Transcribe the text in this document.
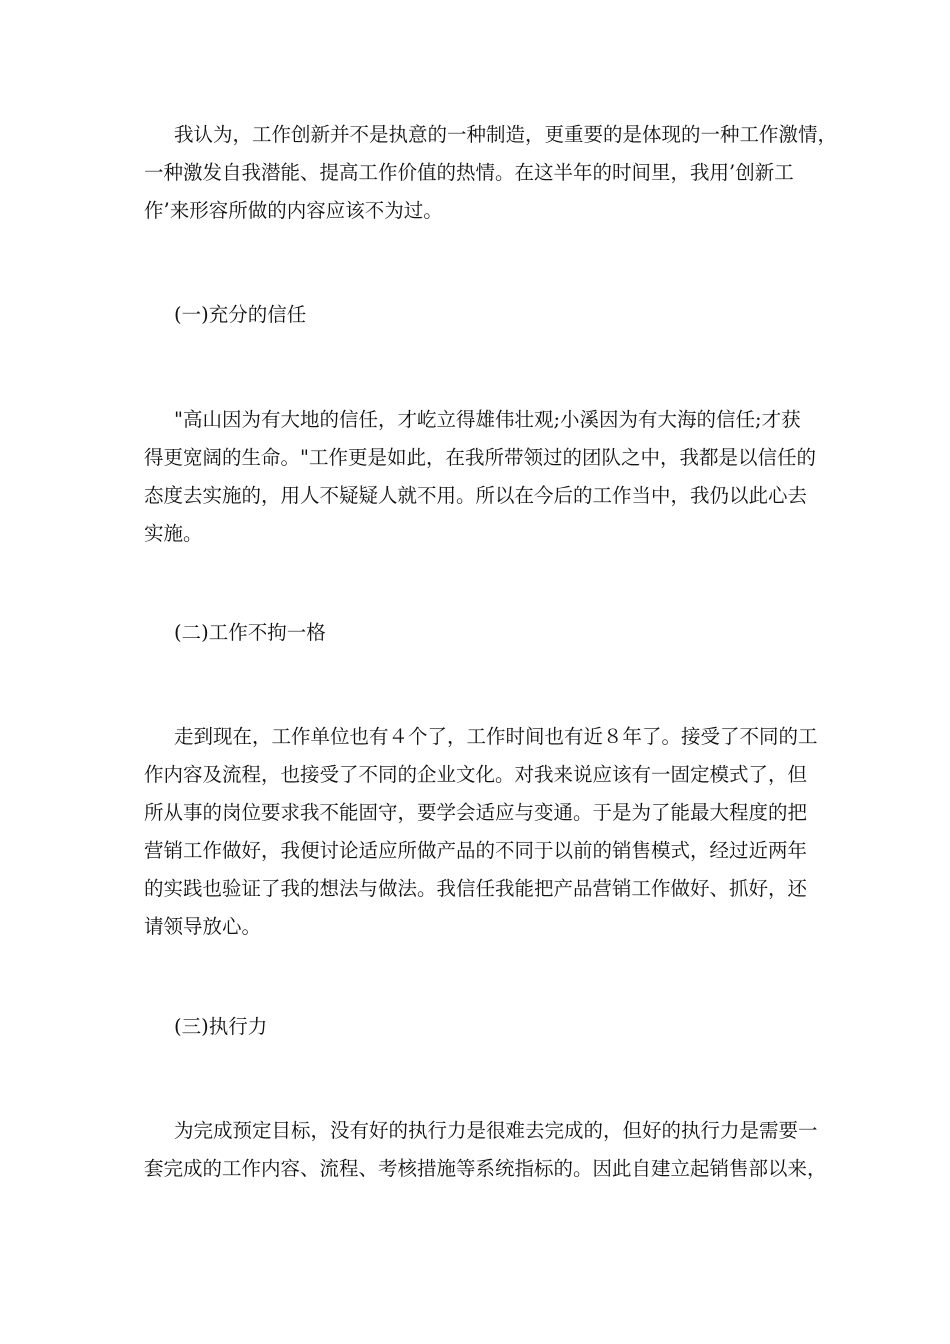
我认为，工作创新并不是执意的一种制造，更重要的是体现的一种工作激情，
一种激发自我潜能、提高工作价值的热情。在这半年的时间里，我用’创新工
作’来形容所做的内容应该不为过。
(一)充分的信任
"高山因为有大地的信任，才屹立得雄伟壮观;小溪因为有大海的信任;才获
得更宽阔的生命。"工作更是如此，在我所带领过的团队之中，我都是以信任的
态度去实施的，用人不疑疑人就不用。所以在今后的工作当中，我仍以此心去
实施。
(二)工作不拘一格
走到现在，工作单位也有４个了，工作时间也有近８年了。接受了不同的工
作内容及流程，也接受了不同的企业文化。对我来说应该有一固定模式了，但
所从事的岗位要求我不能固守，要学会适应与变通。于是为了能最大程度的把
营销工作做好，我便讨论适应所做产品的不同于以前的销售模式，经过近两年
的实践也验证了我的想法与做法。我信任我能把产品营销工作做好、抓好，还
请领导放心。
(三)执行力
为完成预定目标，没有好的执行力是很难去完成的，但好的执行力是需要一
套完成的工作内容、流程、考核措施等系统指标的。因此自建立起销售部以来，
